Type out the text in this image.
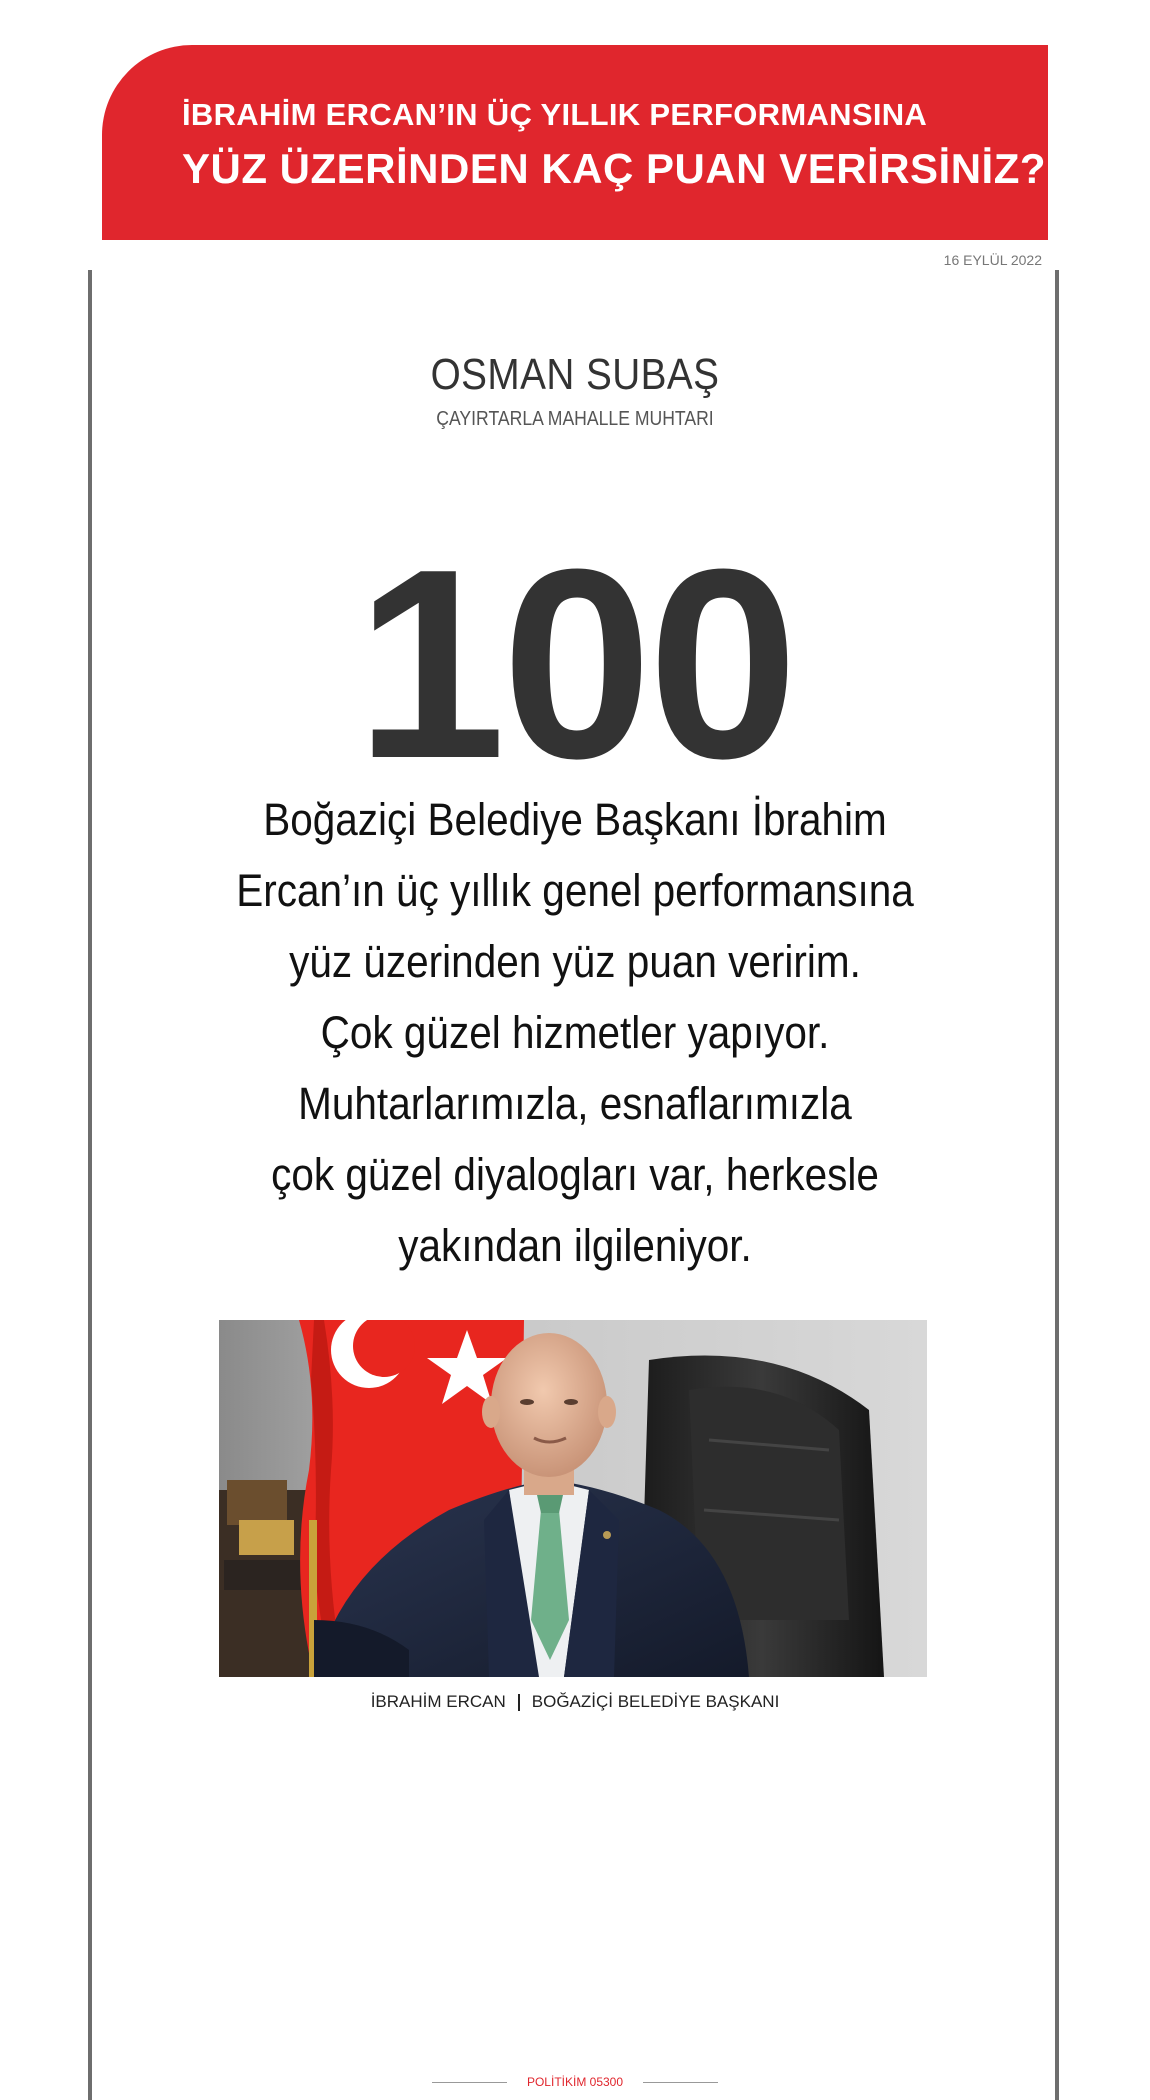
İBRAHİM ERCAN’IN ÜÇ YILLIK PERFORMANSINA
YÜZ ÜZERİNDEN KAÇ PUAN VERİRSİNİZ?
16 EYLÜL 2022
OSMAN SUBAŞ
ÇAYIRTARLA MAHALLE MUHTARI
100
Boğaziçi Belediye Başkanı İbrahim
Ercan’ın üç yıllık genel performansına
yüz üzerinden yüz puan veririm.
Çok güzel hizmetler yapıyor.
Muhtarlarımızla, esnaflarımızla
çok güzel diyalogları var, herkesle
yakından ilgileniyor.
İBRAHİM ERCAN BOĞAZİÇİ BELEDİYE BAŞKANI
POLİTİKİM 05300
